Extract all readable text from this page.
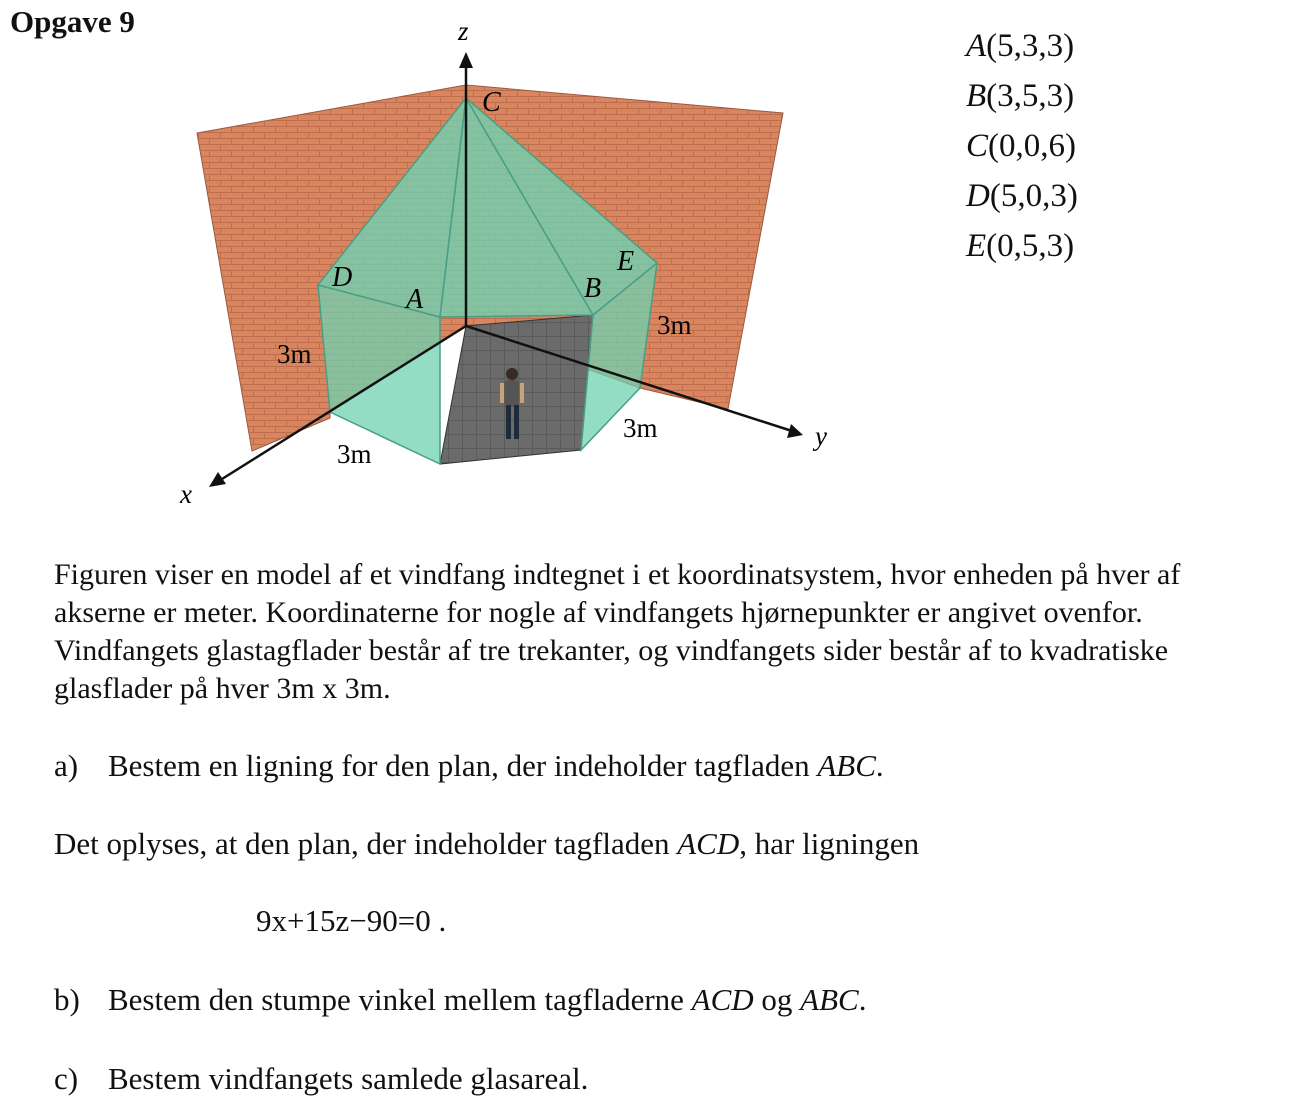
Opgave 9	z
y
x
C
D
A	B
E
3m
3m
3m
3m
A(5,3,3)
B(3,5,3)
C(0,0,6)
D(5,0,3)
E(0,5,3)
Figuren viser en model af et vindfang indtegnet i et koordinatsystem, hvor enheden på hver af akserne er meter. Koordinaterne for nogle af vindfangets hjørnepunkter er angivet ovenfor. Vindfangets glastagflader består af tre trekanter, og vindfangets sider består af to kvadratiske glasflader på hver 3m x 3m.
a) Bestem en ligning for den plan, der indeholder tagfladen ABC.
Det oplyses, at den plan, der indeholder tagfladen ACD, har ligningen
9x+15z−90=0 .
b) Bestem den stumpe vinkel mellem tagfladerne ACD og ABC.
c) Bestem vindfangets samlede glasareal.
